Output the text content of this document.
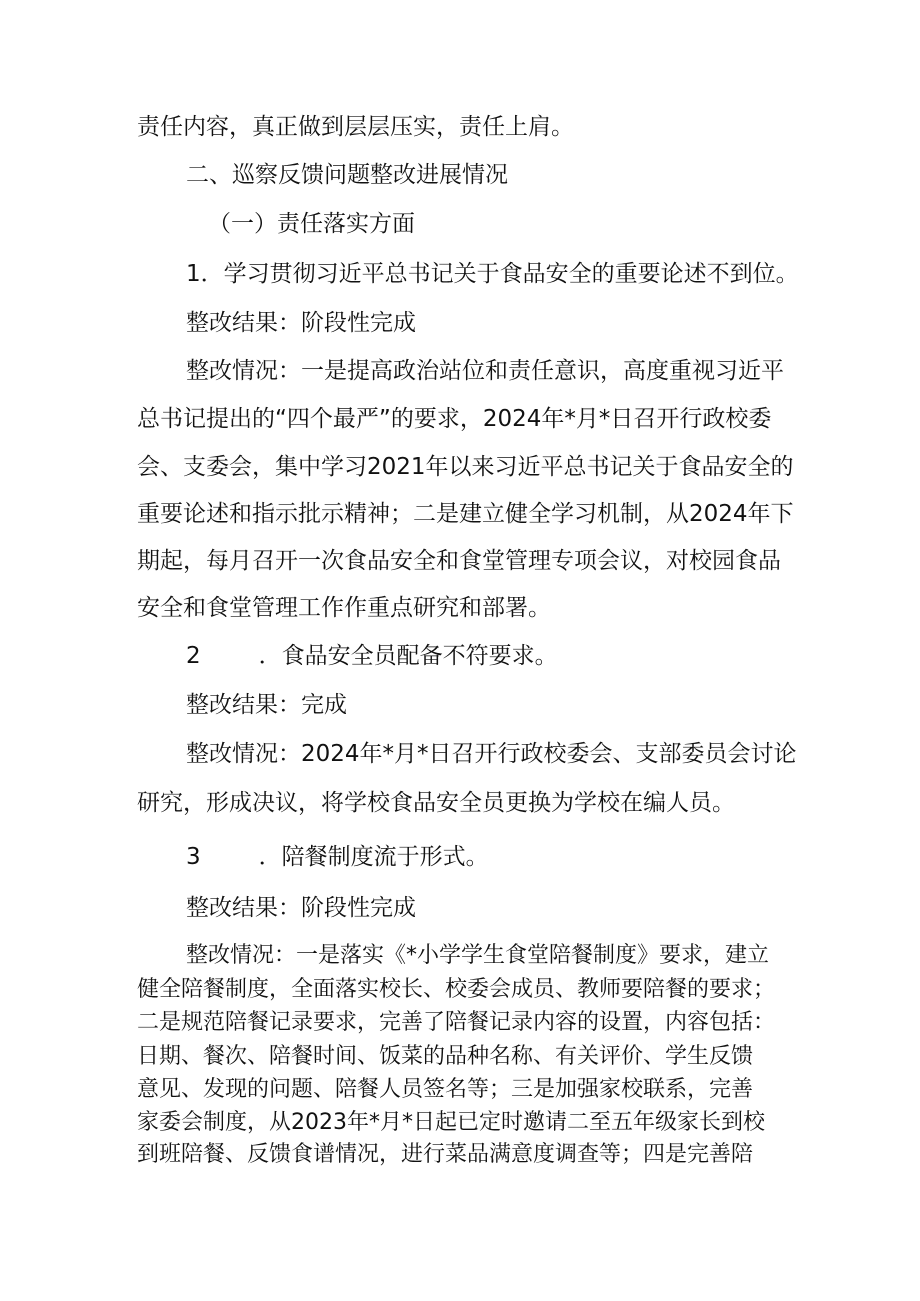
责任内容，真正做到层层压实，责任上肩。
二、巡察反馈问题整改进展情况
（一）责任落实方面
1．学习贯彻习近平总书记关于食品安全的重要论述不到位。
整改结果：阶段性完成
整改情况：一是提高政治站位和责任意识，高度重视习近平
总书记提出的“四个最严”的要求，2024年*月*日召开行政校委
会、支委会，集中学习2021年以来习近平总书记关于食品安全的
重要论述和指示批示精神；二是建立健全学习机制，从2024年下
期起，每月召开一次食品安全和食堂管理专项会议，对校园食品
安全和食堂管理工作作重点研究和部署。
2	．食品安全员配备不符要求。
整改结果：完成
整改情况：2024年*月*日召开行政校委会、支部委员会讨论
研究，形成决议，将学校食品安全员更换为学校在编人员。
3	．陪餐制度流于形式。
整改结果：阶段性完成
整改情况：一是落实《*小学学生食堂陪餐制度》要求，建立
健全陪餐制度，全面落实校长、校委会成员、教师要陪餐的要求；
二是规范陪餐记录要求，完善了陪餐记录内容的设置，内容包括：
日期、餐次、陪餐时间、饭菜的品种名称、有关评价、学生反馈
意见、发现的问题、陪餐人员签名等；三是加强家校联系，完善
家委会制度，从2023年*月*日起已定时邀请二至五年级家长到校
到班陪餐、反馈食谱情况，进行菜品满意度调查等；四是完善陪
